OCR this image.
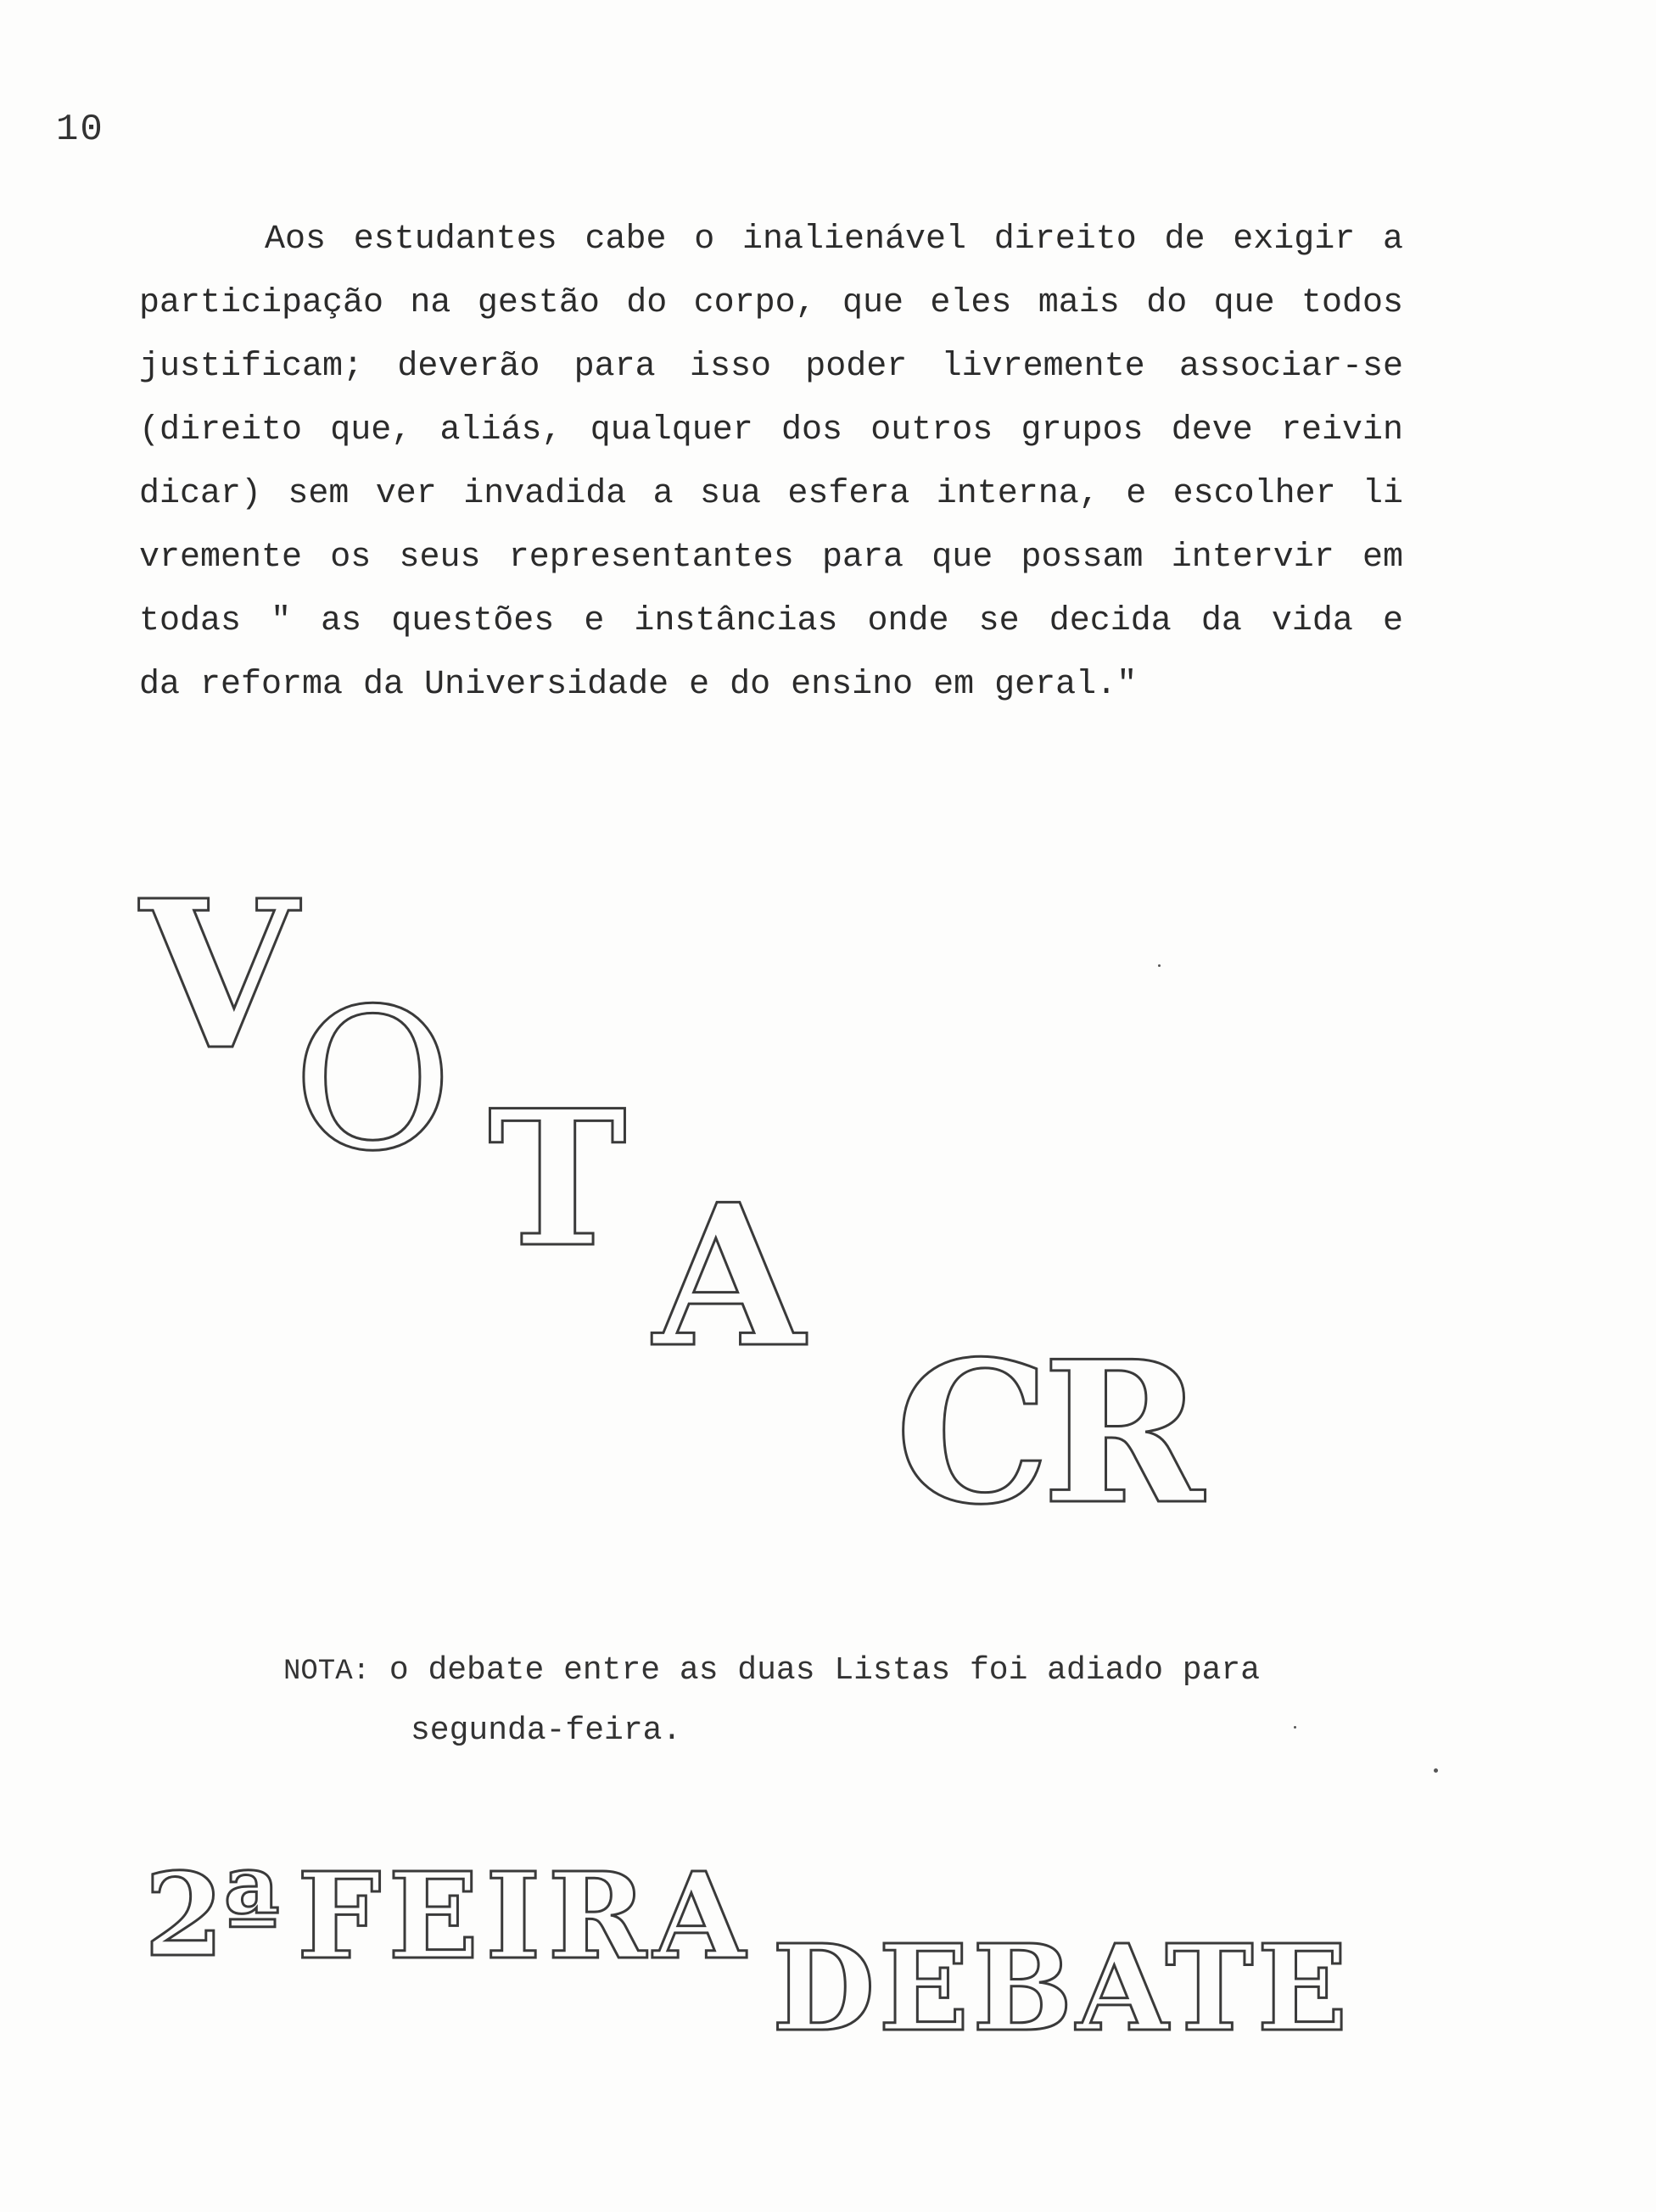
10
Aos estudantes cabe o inalienável direito de exigir a
participação na gestão do corpo, que eles mais do que todos
justificam; deverão para isso poder livremente associar-se
(direito que, aliás, qualquer dos outros grupos deve reivin
dicar) sem ver invadida a sua esfera interna, e escolher li
vremente os seus representantes para que possam intervir em
todas " as questões e instâncias onde se decida da vida e
da reforma da Universidade e do ensino em geral."
V
O T A
CR
NOTA: o debate entre as duas Listas foi adiado para
segunda-feira.
2ª FEIRA
DEBATE
